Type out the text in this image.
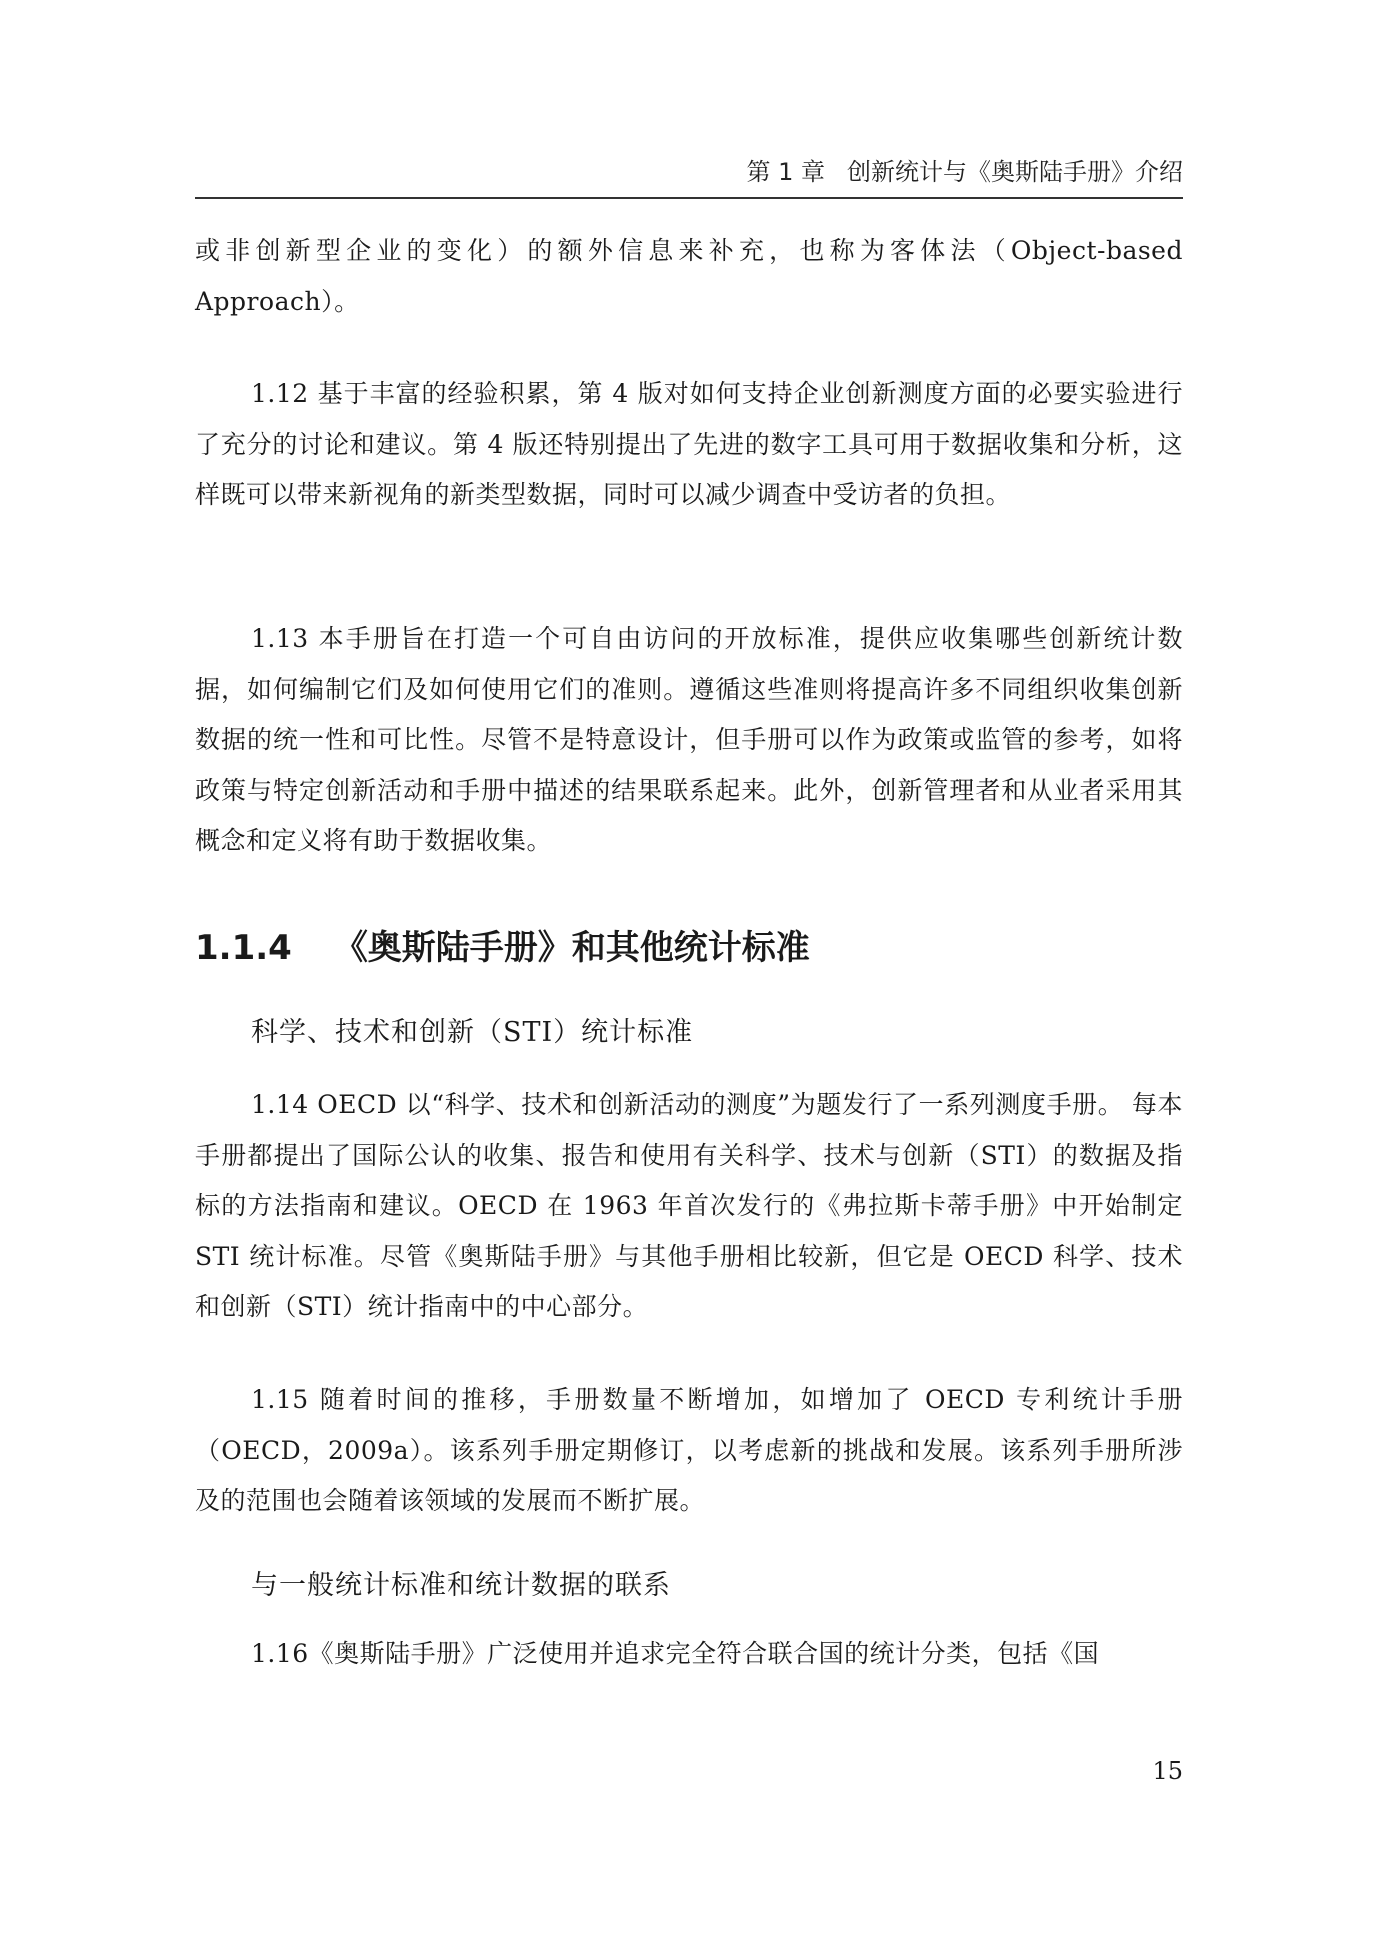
第 1 章 创新统计与《奥斯陆手册》介绍

或非创新型企业的变化）的额外信息来补充，也称为客体法（Object-based Approach）。

1.12 基于丰富的经验积累，第 4 版对如何支持企业创新测度方面的必要实验进行了充分的讨论和建议。第 4 版还特别提出了先进的数字工具可用于数据收集和分析，这样既可以带来新视角的新类型数据，同时可以减少调查中受访者的负担。

1.13 本手册旨在打造一个可自由访问的开放标准，提供应收集哪些创新统计数据，如何编制它们及如何使用它们的准则。遵循这些准则将提高许多不同组织收集创新数据的统一性和可比性。尽管不是特意设计，但手册可以作为政策或监管的参考，如将政策与特定创新活动和手册中描述的结果联系起来。此外，创新管理者和从业者采用其概念和定义将有助于数据收集。

1.1.4 《奥斯陆手册》和其他统计标准
科学、技术和创新（STI）统计标准

1.14 OECD 以“科学、技术和创新活动的测度”为题发行了一系列测度手册。 每本手册都提出了国际公认的收集、报告和使用有关科学、技术与创新（STI）的数据及指标的方法指南和建议。OECD 在 1963 年首次发行的《弗拉斯卡蒂手册》中开始制定 STI 统计标准。尽管《奥斯陆手册》与其他手册相比较新，但它是 OECD 科学、技术和创新（STI）统计指南中的中心部分。

1.15 随着时间的推移，手册数量不断增加，如增加了 OECD 专利统计手册（OECD，2009a）。该系列手册定期修订，以考虑新的挑战和发展。该系列手册所涉及的范围也会随着该领域的发展而不断扩展。

与一般统计标准和统计数据的联系

1.16《奥斯陆手册》广泛使用并追求完全符合联合国的统计分类，包括《国

15
